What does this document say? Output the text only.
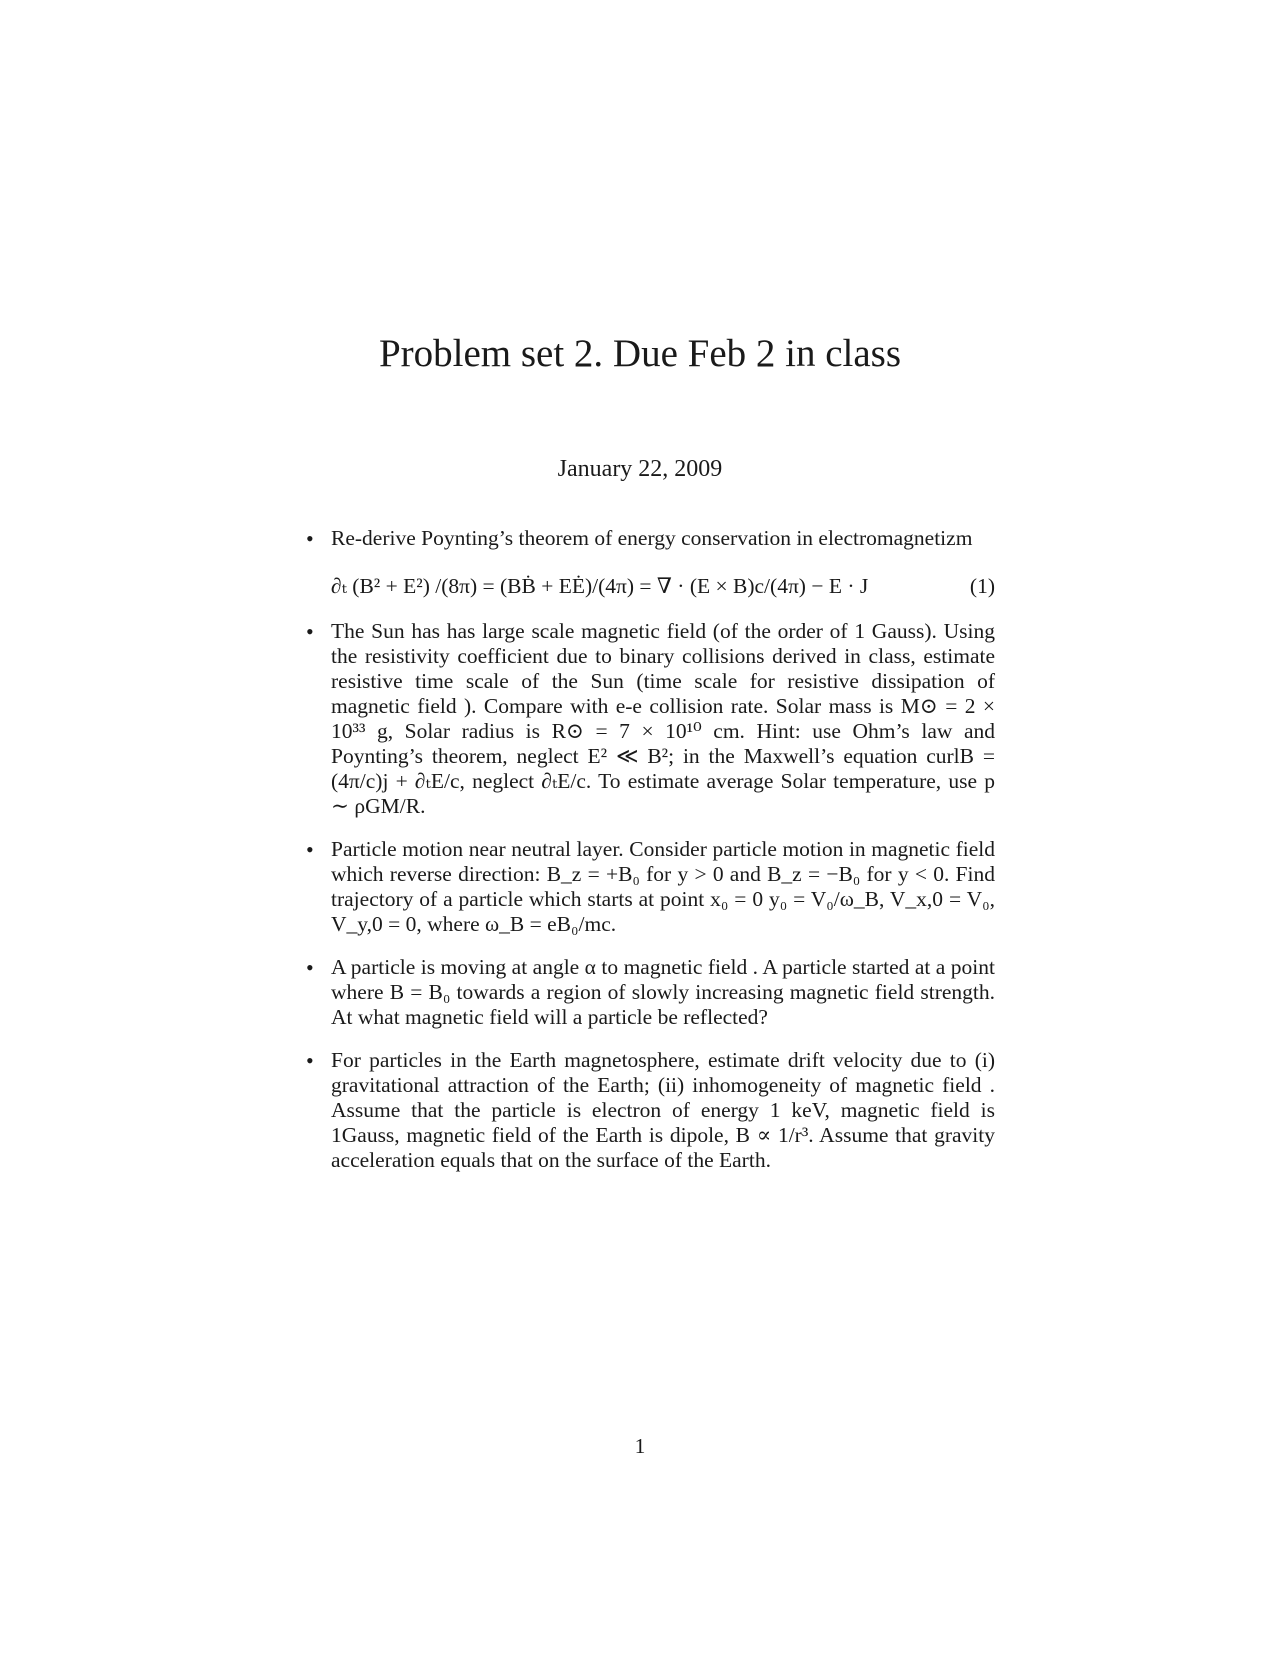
Problem set 2. Due Feb 2 in class
January 22, 2009
• Re-derive Poynting’s theorem of energy conservation in electromagnetizm
∂ₜ (B² + E²) /(8π) = (BḂ + EĖ)/(4π) = ∇ · (E × B)c/(4π) − E · J	(1)
• The Sun has has large scale magnetic field (of the order of 1 Gauss). Using the resistivity coefficient due to binary collisions derived in class, estimate resistive time scale of the Sun (time scale for resistive dissipation of magnetic field ). Compare with e-e collision rate. Solar mass is M⊙ = 2 × 10³³ g, Solar radius is R⊙ = 7 × 10¹⁰ cm. Hint: use Ohm’s law and Poynting’s theorem, neglect E² ≪ B²; in the Maxwell’s equation curlB = (4π/c)j + ∂ₜE/c, neglect ∂ₜE/c. To estimate average Solar temperature, use p ∼ ρGM/R.
• Particle motion near neutral layer. Consider particle motion in magnetic field which reverse direction: B_z = +B₀ for y > 0 and B_z = −B₀ for y < 0. Find trajectory of a particle which starts at point x₀ = 0 y₀ = V₀/ω_B, V_x,0 = V₀, V_y,0 = 0, where ω_B = eB₀/mc.
• A particle is moving at angle α to magnetic field . A particle started at a point where B = B₀ towards a region of slowly increasing magnetic field strength. At what magnetic field will a particle be reflected?
• For particles in the Earth magnetosphere, estimate drift velocity due to (i) gravitational attraction of the Earth; (ii) inhomogeneity of magnetic field . Assume that the particle is electron of energy 1 keV, magnetic field is 1Gauss, magnetic field of the Earth is dipole, B ∝ 1/r³. Assume that gravity acceleration equals that on the surface of the Earth.
1
